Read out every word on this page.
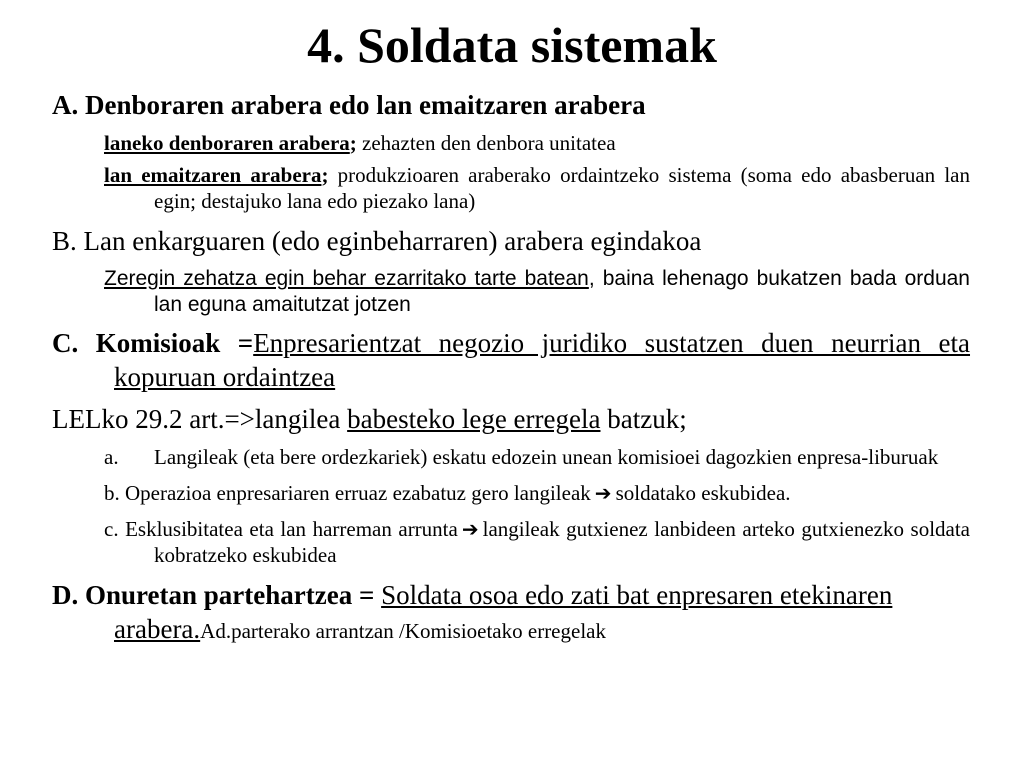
4. Soldata sistemak
A. Denboraren arabera edo lan emaitzaren arabera
laneko denboraren arabera; zehazten den denbora unitatea
lan emaitzaren arabera; produkzioaren araberako ordaintzeko sistema (soma edo abasberuan lan egin; destajuko lana edo piezako lana)
B. Lan enkarguaren (edo eginbeharraren) arabera egindakoa
Zeregin zehatza egin behar ezarritako tarte batean, baina lehenago bukatzen bada orduan lan eguna amaitutzat jotzen
C. Komisioak =Enpresarientzat negozio juridiko sustatzen duen neurrian eta kopuruan ordaintzea
LELko 29.2 art.=>langilea babesteko lege erregela batzuk;
a. Langileak (eta bere ordezkariek) eskatu edozein unean komisioei dagozkien enpresa-liburuak
b. Operazioa enpresariaren erruaz ezabatuz gero langileak ➔ soldatako eskubidea.
c. Esklusibitatea eta lan harreman arrunta ➔ langileak gutxienez lanbideen arteko gutxienezko soldata kobratzeko eskubidea
D. Onuretan partehartzea = Soldata osoa edo zati bat enpresaren etekinaren arabera.Ad.parterako arrantzan /Komisioetako erregelak
